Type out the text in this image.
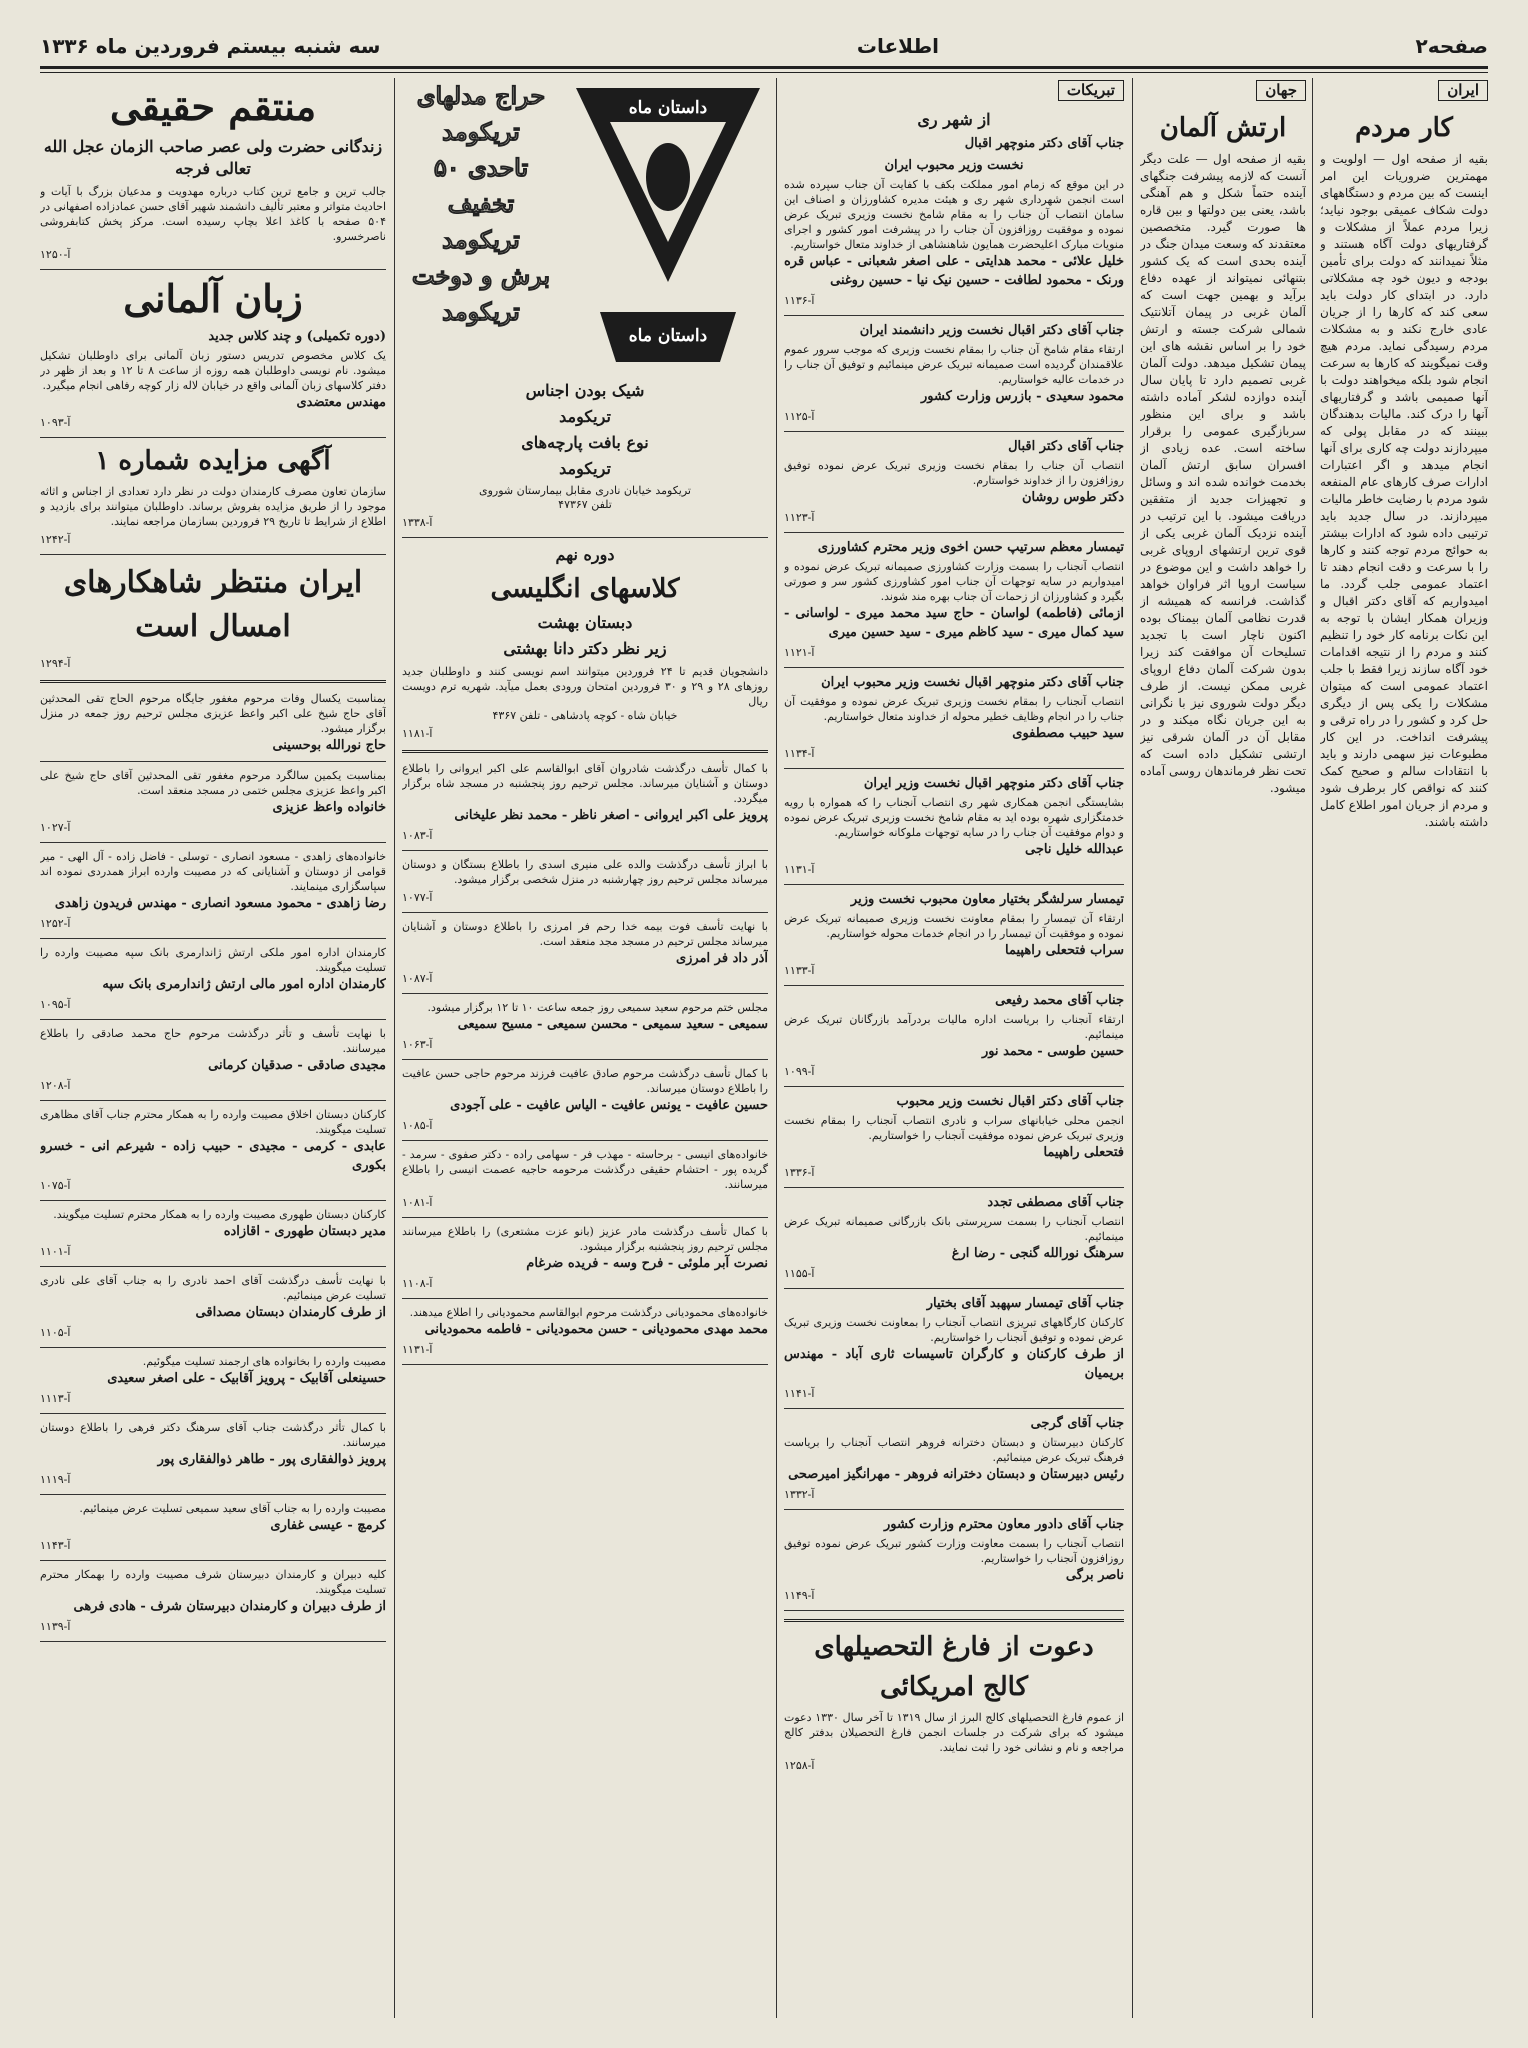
صفحه۲
اطلاعات
سه شنبه بیستم فروردین ماه ۱۳۳۶
ایران
کار مردم
بقیه از صفحه اول — اولویت و مهمترین ضروریات این امر اینست که بین مردم و دستگاههای دولت شکاف عمیقی بوجود نیاید؛ زیرا مردم عملاً از مشکلات و گرفتاریهای دولت آگاه هستند و مثلاً نمیدانند که دولت برای تأمین بودجه و دیون خود چه مشکلاتی دارد. در ابتدای کار دولت باید سعی کند که کارها را از جریان عادی خارج نکند و به مشکلات مردم رسیدگی نماید. مردم هیچ وقت نمیگویند که کارها به سرعت انجام شود بلکه میخواهند دولت با آنها صمیمی باشد و گرفتاریهای آنها را درک کند. مالیات بدهندگان ببینند که در مقابل پولی که میپردازند دولت چه کاری برای آنها انجام میدهد و اگر اعتبارات ادارات صرف کارهای عام المنفعه شود مردم با رضایت خاطر مالیات میپردازند. در سال جدید باید ترتیبی داده شود که ادارات بیشتر به حوائج مردم توجه کنند و کارها را با سرعت و دقت انجام دهند تا اعتماد عمومی جلب گردد. ما امیدواریم که آقای دکتر اقبال و وزیران همکار ایشان با توجه به این نکات برنامه کار خود را تنظیم کنند و مردم را از نتیجه اقدامات خود آگاه سازند زیرا فقط با جلب اعتماد عمومی است که میتوان مشکلات را یکی پس از دیگری حل کرد و کشور را در راه ترقی و پیشرفت انداخت. در این کار مطبوعات نیز سهمی دارند و باید با انتقادات سالم و صحیح کمک کنند که نواقص کار برطرف شود و مردم از جریان امور اطلاع کامل داشته باشند.
جهان
ارتش آلمان
بقیه از صفحه اول — علت دیگر آنست که لازمه پیشرفت جنگهای آینده حتماً شکل و هم آهنگی باشد، یعنی بین دولتها و بین قاره ها صورت گیرد. متخصصین معتقدند که وسعت میدان جنگ در آینده بحدی است که یک کشور بتنهائی نمیتواند از عهده دفاع برآید و بهمین جهت است که آلمان غربی در پیمان آتلانتیک شمالی شرکت جسته و ارتش خود را بر اساس نقشه های این پیمان تشکیل میدهد. دولت آلمان غربی تصمیم دارد تا پایان سال آینده دوازده لشکر آماده داشته باشد و برای این منظور سربازگیری عمومی را برقرار ساخته است. عده زیادی از افسران سابق ارتش آلمان بخدمت خوانده شده اند و وسائل و تجهیزات جدید از متفقین دریافت میشود. با این ترتیب در آینده نزدیک آلمان غربی یکی از قوی ترین ارتشهای اروپای غربی را خواهد داشت و این موضوع در سیاست اروپا اثر فراوان خواهد گذاشت. فرانسه که همیشه از قدرت نظامی آلمان بیمناک بوده اکنون ناچار است با تجدید تسلیحات آن موافقت کند زیرا بدون شرکت آلمان دفاع اروپای غربی ممکن نیست. از طرف دیگر دولت شوروی نیز با نگرانی به این جریان نگاه میکند و در مقابل آن در آلمان شرقی نیز ارتشی تشکیل داده است که تحت نظر فرماندهان روسی آماده میشود.
تبریکات
از شهر ری
جناب آقای دکتر منوچهر اقبال
نخست وزیر محبوب ایران
در این موقع که زمام امور مملکت بکف با کفایت آن جناب سپرده شده است انجمن شهرداری شهر ری و هیئت مدیره کشاورزان و اصناف این سامان انتصاب آن جناب را به مقام شامخ نخست وزیری تبریک عرض نموده و موفقیت روزافزون آن جناب را در پیشرفت امور کشور و اجرای منویات مبارک اعلیحضرت همایون شاهنشاهی از خداوند متعال خواستاریم.
خلیل علائی - محمد هدایتی - علی اصغر شعبانی - عباس قره ورنک - محمود لطافت - حسین نیک نیا - حسین روغنی
آ-۱۱۳۶
جناب آقای دکتر اقبال نخست وزیر دانشمند ایران
ارتقاء مقام شامخ آن جناب را بمقام نخست وزیری که موجب سرور عموم علاقمندان گردیده است صمیمانه تبریک عرض مینمائیم و توفیق آن جناب را در خدمات عالیه خواستاریم.
محمود سعیدی - بازرس وزارت کشور
آ-۱۱۲۵
جناب آقای دکتر اقبال
انتصاب آن جناب را بمقام نخست وزیری تبریک عرض نموده توفیق روزافزون را از خداوند خواستارم.
دکتر طوس روشان
آ-۱۱۲۳
تیمسار معظم سرتیپ حسن اخوی وزیر محترم کشاورزی
انتصاب آنجناب را بسمت وزارت کشاورزی صمیمانه تبریک عرض نموده و امیدواریم در سایه توجهات آن جناب امور کشاورزی کشور سر و صورتی بگیرد و کشاورزان از زحمات آن جناب بهره مند شوند.
ازمائی (فاطمه) لواسان - حاج سید محمد میری - لواسانی - سید کمال میری - سید کاظم میری - سید حسین میری
آ-۱۱۲۱
جناب آقای دکتر منوچهر اقبال نخست وزیر محبوب ایران
انتصاب آنجناب را بمقام نخست وزیری تبریک عرض نموده و موفقیت آن جناب را در انجام وظایف خطیر محوله از خداوند متعال خواستاریم.
سید حبیب مصطفوی
آ-۱۱۳۴
جناب آقای دکتر منوچهر اقبال نخست وزیر ایران
بشایستگی انجمن همکاری شهر ری انتصاب آنجناب را که همواره با رویه خدمتگزاری شهره بوده اید به مقام شامخ نخست وزیری تبریک عرض نموده و دوام موفقیت آن جناب را در سایه توجهات ملوکانه خواستاریم.
عبدالله خلیل ناجی
آ-۱۱۳۱
تیمسار سرلشگر بختیار معاون محبوب نخست وزیر
ارتقاء آن تیمسار را بمقام معاونت نخست وزیری صمیمانه تبریک عرض نموده و موفقیت آن تیمسار را در انجام خدمات محوله خواستاریم.
سراب فتحعلی راهپیما
آ-۱۱۳۳
جناب آقای محمد رفیعی
ارتقاء آنجناب را بریاست اداره مالیات بردرآمد بازرگانان تبریک عرض مینمائیم.
حسین طوسی - محمد نور
آ-۱۰۹۹
جناب آقای دکتر اقبال نخست وزیر محبوب
انجمن محلی خیابانهای سراب و نادری انتصاب آنجناب را بمقام نخست وزیری تبریک عرض نموده موفقیت آنجناب را خواستاریم.
فتحعلی راهپیما
آ-۱۳۳۶
جناب آقای مصطفی تجدد
انتصاب آنجناب را بسمت سرپرستی بانک بازرگانی صمیمانه تبریک عرض مینمائیم.
سرهنگ نورالله گنجی - رضا ارغ
آ-۱۱۵۵
جناب آقای تیمسار سپهبد آقای بختیار
کارکنان کارگاههای تبریزی انتصاب آنجناب را بمعاونت نخست وزیری تبریک عرض نموده و توفیق آنجناب را خواستاریم.
از طرف کارکنان و کارگران تاسیسات ثاری آباد - مهندس بریمیان
آ-۱۱۴۱
جناب آقای گرجی
کارکنان دبیرستان و دبستان دخترانه فروهر انتصاب آنجناب را بریاست فرهنگ تبریک عرض مینمائیم.
رئیس دبیرستان و دبستان دخترانه فروهر - مهرانگیز امیرصحی
آ-۱۳۳۲
جناب آقای دادور معاون محترم وزارت کشور
انتصاب آنجناب را بسمت معاونت وزارت کشور تبریک عرض نموده توفیق روزافزون آنجناب را خواستاریم.
ناصر برگی
آ-۱۱۴۹
دعوت از فارغ التحصیلهای
کالج امریکائی
از عموم فارغ التحصیلهای کالج البرز از سال ۱۳۱۹ تا آخر سال ۱۳۳۰ دعوت میشود که برای شرکت در جلسات انجمن فارغ التحصیلان بدفتر کالج مراجعه و نام و نشانی خود را ثبت نمایند.
آ-۱۲۵۸
داستان ماه
داستان ماه
حراج مدلهای
تریکومد
تاحدی ۵۰ تخفیف
تریکومد
برش و دوخت
تریکومد
شیک بودن اجناس
تریکومد
نوع بافت پارچه‌های
تریکومد
تریکومد خیابان نادری مقابل بیمارستان شوروی
تلفن ۴۷۳۶۷
آ-۱۳۳۸
دوره نهم
کلاسهای انگلیسی
دبستان بهشت
زیر نظر دکتر دانا بهشتی
دانشجویان قدیم تا ۲۴ فروردین میتوانند اسم نویسی کنند و داوطلبان جدید روزهای ۲۸ و ۲۹ و ۳۰ فروردین امتحان ورودی بعمل میآید. شهریه ترم دویست ریال
خیابان شاه - کوچه پادشاهی - تلفن ۴۳۶۷
آ-۱۱۸۱
با کمال تأسف درگذشت شادروان آقای ابوالقاسم علی اکبر ایروانی را باطلاع دوستان و آشنایان میرساند. مجلس ترحیم روز پنجشنبه در مسجد شاه برگزار میگردد.
پرویز علی اکبر ایروانی - اصغر ناظر - محمد نظر علیخانی
آ-۱۰۸۳
با ابراز تأسف درگذشت والده علی منیری اسدی را باطلاع بستگان و دوستان میرساند مجلس ترحیم روز چهارشنبه در منزل شخصی برگزار میشود.
آ-۱۰۷۷
با نهایت تأسف فوت بیمه خدا رحم فر امرزی را باطلاع دوستان و آشنایان میرساند مجلس ترحیم در مسجد مجد منعقد است.
آذر داد فر امرزی
آ-۱۰۸۷
مجلس ختم مرحوم سعید سمیعی روز جمعه ساعت ۱۰ تا ۱۲ برگزار میشود.
سمیعی - سعید سمیعی - محسن سمیعی - مسیح سمیعی
آ-۱۰۶۳
با کمال تأسف درگذشت مرحوم صادق عافیت فرزند مرحوم حاجی حسن عافیت را باطلاع دوستان میرساند.
حسین عافیت - یونس عافیت - الیاس عافیت - علی آجودی
آ-۱۰۸۵
خانواده‌های انیسی - برحاسته - مهذب فر - سهامی راده - دکتر صفوی - سرمد - گریده پور - احتشام حقیقی درگذشت مرحومه حاجیه عصمت انیسی را باطلاع میرسانند.
آ-۱۰۸۱
با کمال تأسف درگذشت مادر عزیز (بانو عزت مشتعری) را باطلاع میرسانند مجلس ترحیم روز پنجشنبه برگزار میشود.
نصرت آبر ملوئی - فرح وسه - فریده ضرغام
آ-۱۱۰۸
خانواده‌های محمودیانی درگذشت مرحوم ابوالقاسم محمودیانی را اطلاع میدهند.
محمد مهدی محمودیانی - حسن محمودیانی - فاطمه محمودیانی
آ-۱۱۳۱
منتقم حقیقی
زندگانی حضرت ولی عصر صاحب الزمان عجل الله تعالی فرجه
جالب ترین و جامع ترین کتاب درباره مهدویت و مدعیان بزرگ با آیات و احادیث متواتر و معتبر تألیف دانشمند شهیر آقای حسن عمادزاده اصفهانی در ۵۰۴ صفحه با کاغذ اعلا بچاپ رسیده است. مرکز پخش کتابفروشی ناصرخسرو.
آ-۱۲۵۰
زبان آلمانی
(دوره تکمیلی) و چند کلاس جدید
یک کلاس مخصوص تدریس دستور زبان آلمانی برای داوطلبان تشکیل میشود. نام نویسی داوطلبان همه روزه از ساعت ۸ تا ۱۲ و بعد از ظهر در دفتر کلاسهای زبان آلمانی واقع در خیابان لاله زار کوچه رفاهی انجام میگیرد.
مهندس معتضدی
آ-۱۰۹۳
آگهی مزایده شماره ۱
سازمان تعاون مصرف کارمندان دولت در نظر دارد تعدادی از اجناس و اثاثه موجود را از طریق مزایده بفروش برساند. داوطلبان میتوانند برای بازدید و اطلاع از شرایط تا تاریخ ۲۹ فروردین بسازمان مراجعه نمایند.
آ-۱۲۴۲
ایران منتظر شاهکارهای امسال است
آ-۱۲۹۴
بمناسبت یکسال وفات مرحوم مغفور جایگاه مرحوم الحاج تقی المحدثین آقای حاج شیخ علی اکبر واعظ عزیزی مجلس ترحیم روز جمعه در منزل برگزار میشود.
حاج نورالله بوحسینی
بمناسبت یکمین سالگرد مرحوم مغفور تقی المحدثین آقای حاج شیخ علی اکبر واعظ عزیزی مجلس ختمی در مسجد منعقد است.
خانواده واعظ عزیزی
آ-۱۰۲۷
خانواده‌های زاهدی - مسعود انصاری - توسلی - فاضل زاده - آل الهی - میر قوامی از دوستان و آشنایانی که در مصیبت وارده ابراز همدردی نموده اند سپاسگزاری مینمایند.
رضا زاهدی - محمود مسعود انصاری - مهندس فریدون زاهدی
آ-۱۲۵۲
کارمندان اداره امور ملکی ارتش ژاندارمری بانک سپه مصیبت وارده را تسلیت میگویند.
کارمندان اداره امور مالی ارتش ژاندارمری بانک سپه
آ-۱۰۹۵
با نهایت تأسف و تأثر درگذشت مرحوم حاج محمد صادقی را باطلاع میرسانند.
مجیدی صادقی - صدقیان کرمانی
آ-۱۲۰۸
کارکنان دبستان اخلاق مصیبت وارده را به همکار محترم جناب آقای مظاهری تسلیت میگویند.
عابدی - کرمی - مجیدی - حبیب زاده - شیرعم انی - خسرو بکوری
آ-۱۰۷۵
کارکنان دبستان طهوری مصیبت وارده را به همکار محترم تسلیت میگویند.
مدیر دبستان طهوری - اقازاده
آ-۱۱۰۱
با نهایت تأسف درگذشت آقای احمد نادری را به جناب آقای علی نادری تسلیت عرض مینمائیم.
از طرف کارمندان دبستان مصداقی
آ-۱۱۰۵
مصیبت وارده را بخانواده های ارجمند تسلیت میگوئیم.
حسینعلی آقابیک - پرویز آقابیک - علی اصغر سعیدی
آ-۱۱۱۳
با کمال تأثر درگذشت جناب آقای سرهنگ دکتر فرهی را باطلاع دوستان میرسانند.
پرویز ذوالفقاری پور - طاهر ذوالفقاری پور
آ-۱۱۱۹
مصیبت وارده را به جناب آقای سعید سمیعی تسلیت عرض مینمائیم.
کرمچ - عیسی غفاری
آ-۱۱۴۳
کلیه دبیران و کارمندان دبیرستان شرف مصیبت وارده را بهمکار محترم تسلیت میگویند.
از طرف دبیران و کارمندان دبیرستان شرف - هادی فرهی
آ-۱۱۳۹
